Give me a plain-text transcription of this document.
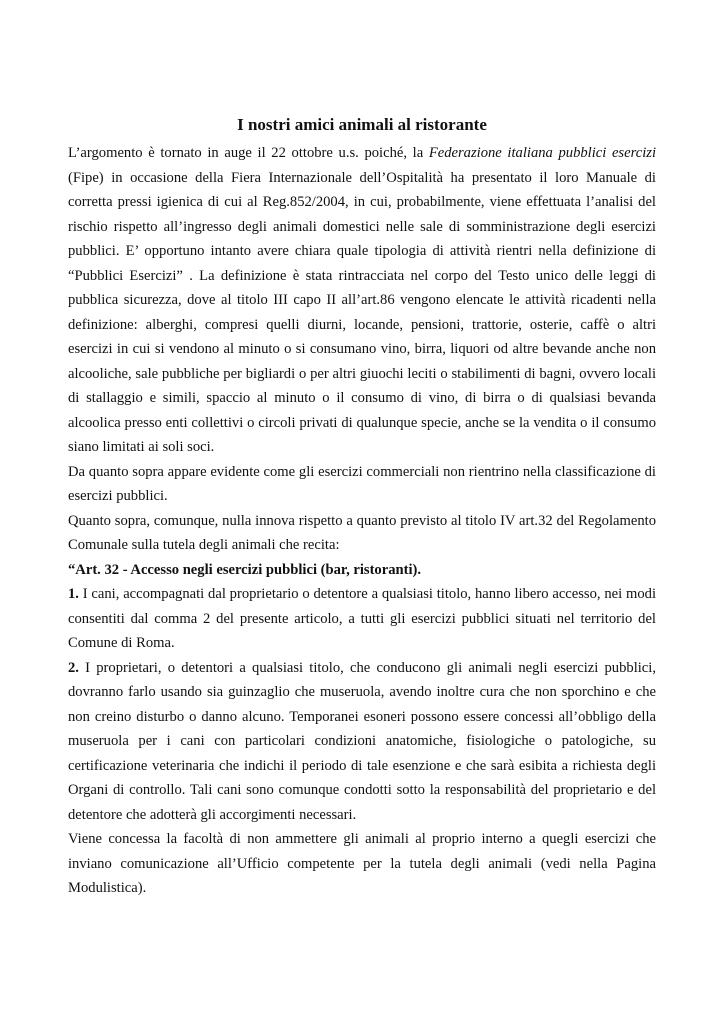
I nostri amici animali al ristorante

L’argomento è tornato in auge il 22 ottobre u.s. poiché, la Federazione italiana pubblici esercizi (Fipe) in occasione della Fiera Internazionale dell’Ospitalità ha presentato il loro Manuale di corretta pressi igienica di cui al Reg.852/2004, in cui, probabilmente, viene effettuata l’analisi del rischio rispetto all’ingresso degli animali domestici nelle sale di somministrazione degli esercizi pubblici. E’ opportuno intanto avere chiara quale tipologia di attività rientri nella definizione di “Pubblici Esercizi” . La definizione è stata rintracciata nel corpo del Testo unico delle leggi di pubblica sicurezza, dove al titolo III capo II all’art.86 vengono elencate le attività ricadenti nella definizione: alberghi, compresi quelli diurni, locande, pensioni, trattorie, osterie, caffè o altri esercizi in cui si vendono al minuto o si consumano vino, birra, liquori od altre bevande anche non alcooliche, sale pubbliche per bigliardi o per altri giuochi leciti o stabilimenti di bagni, ovvero locali di stallaggio e simili, spaccio al minuto o il consumo di vino, di birra o di qualsiasi bevanda alcoolica presso enti collettivi o circoli privati di qualunque specie, anche se la vendita o il consumo siano limitati ai soli soci.

Da quanto sopra appare evidente come gli esercizi commerciali non rientrino nella classificazione di esercizi pubblici.

Quanto sopra, comunque, nulla innova rispetto a quanto previsto al titolo IV art.32 del Regolamento Comunale sulla tutela degli animali che recita:

“Art. 32 - Accesso negli esercizi pubblici (bar, ristoranti).

1. I cani, accompagnati dal proprietario o detentore a qualsiasi titolo, hanno libero accesso, nei modi consentiti dal comma 2 del presente articolo, a tutti gli esercizi pubblici situati nel territorio del Comune di Roma.

2. I proprietari, o detentori a qualsiasi titolo, che conducono gli animali negli esercizi pubblici, dovranno farlo usando sia guinzaglio che museruola, avendo inoltre cura che non sporchino e che non creino disturbo o danno alcuno. Temporanei esoneri possono essere concessi all’obbligo della museruola per i cani con particolari condizioni anatomiche, fisiologiche o patologiche, su certificazione veterinaria che indichi il periodo di tale esenzione e che sarà esibita a richiesta degli Organi di controllo. Tali cani sono comunque condotti sotto la responsabilità del proprietario e del detentore che adotterà gli accorgimenti necessari.

Viene concessa la facoltà di non ammettere gli animali al proprio interno a quegli esercizi che inviano comunicazione all’Ufficio competente per la tutela degli animali (vedi nella Pagina Modulistica).
